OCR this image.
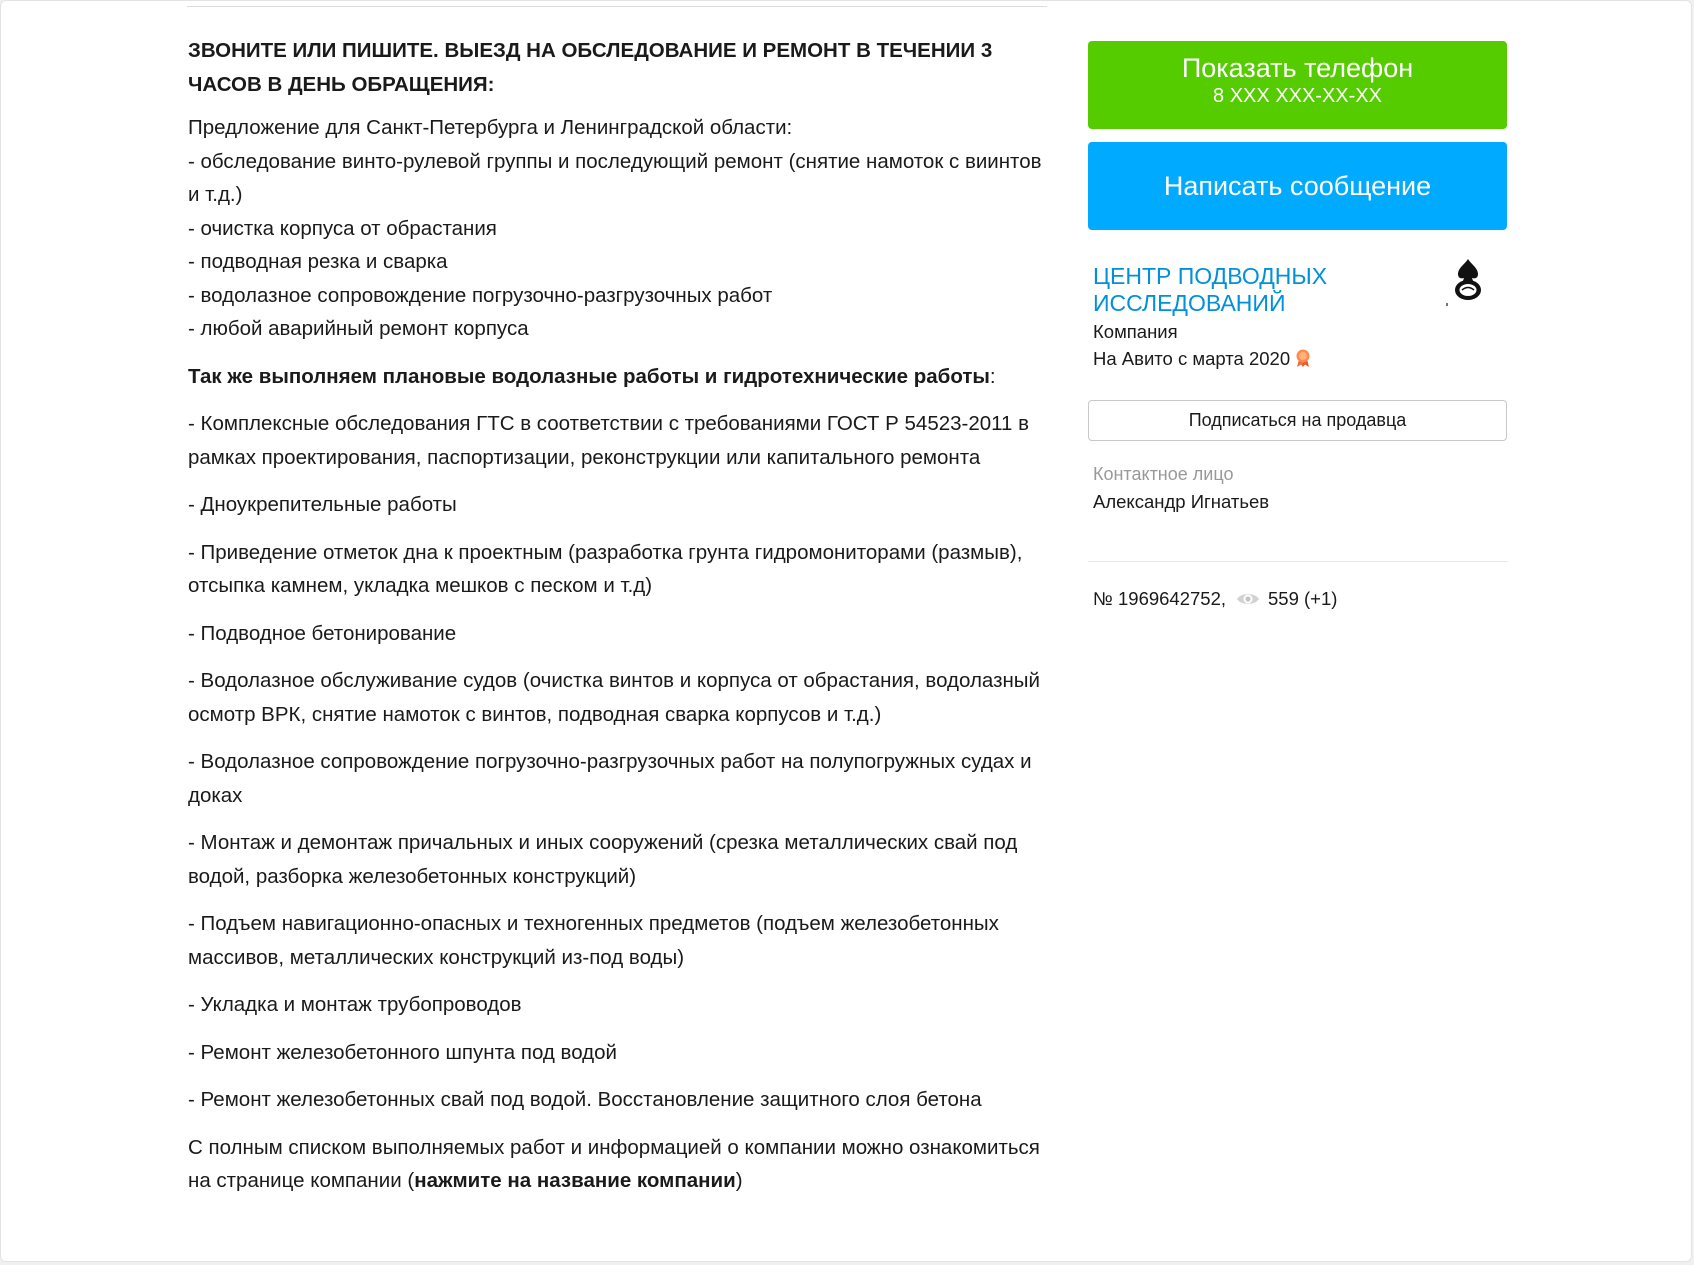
ЗВОНИТЕ ИЛИ ПИШИТЕ. ВЫЕЗД НА ОБСЛЕДОВАНИЕ И РЕМОНТ В ТЕЧЕНИИ 3 ЧАСОВ В ДЕНЬ ОБРАЩЕНИЯ:

Предложение для Санкт-Петербурга и Ленинградской области:
- обследование винто-рулевой группы и последующий ремонт (снятие намоток с виинтов и т.д.)
- очистка корпуса от обрастания
- подводная резка и сварка
- водолазное сопровождение погрузочно-разгрузочных работ
- любой аварийный ремонт корпуса

Так же выполняем плановые водолазные работы и гидротехнические работы:

- Комплексные обследования ГТС в соответствии с требованиями ГОСТ Р 54523-2011 в рамках проектирования, паспортизации, реконструкции или капитального ремонта

- Дноукрепительные работы

- Приведение отметок дна к проектным (разработка грунта гидромониторами (размыв), отсыпка камнем, укладка мешков с песком и т.д)

- Подводное бетонирование

- Водолазное обслуживание судов (очистка винтов и корпуса от обрастания, водолазный осмотр ВРК, снятие намоток с винтов, подводная сварка корпусов и т.д.)

- Водолазное сопровождение погрузочно-разгрузочных работ на полупогружных судах и доках

- Монтаж и демонтаж причальных и иных сооружений (срезка металлических свай под водой, разборка железобетонных конструкций)

- Подъем навигационно-опасных и техногенных предметов (подъем железобетонных массивов, металлических конструкций из-под воды)

- Укладка и монтаж трубопроводов

- Ремонт железобетонного шпунта под водой

- Ремонт железобетонных свай под водой. Восстановление защитного слоя бетона

С полным списком выполняемых работ и информацией о компании можно ознакомиться на странице компании (нажмите на название компании)

Показать телефон
8 XXX XXX-XX-XX
Написать сообщение
ЦЕНТР ПОДВОДНЫХ ИССЛЕДОВАНИЙ
Компания
На Авито с марта 2020
Подписаться на продавца
Контактное лицо
Александр Игнатьев
№ 1969642752, 559 (+1)
